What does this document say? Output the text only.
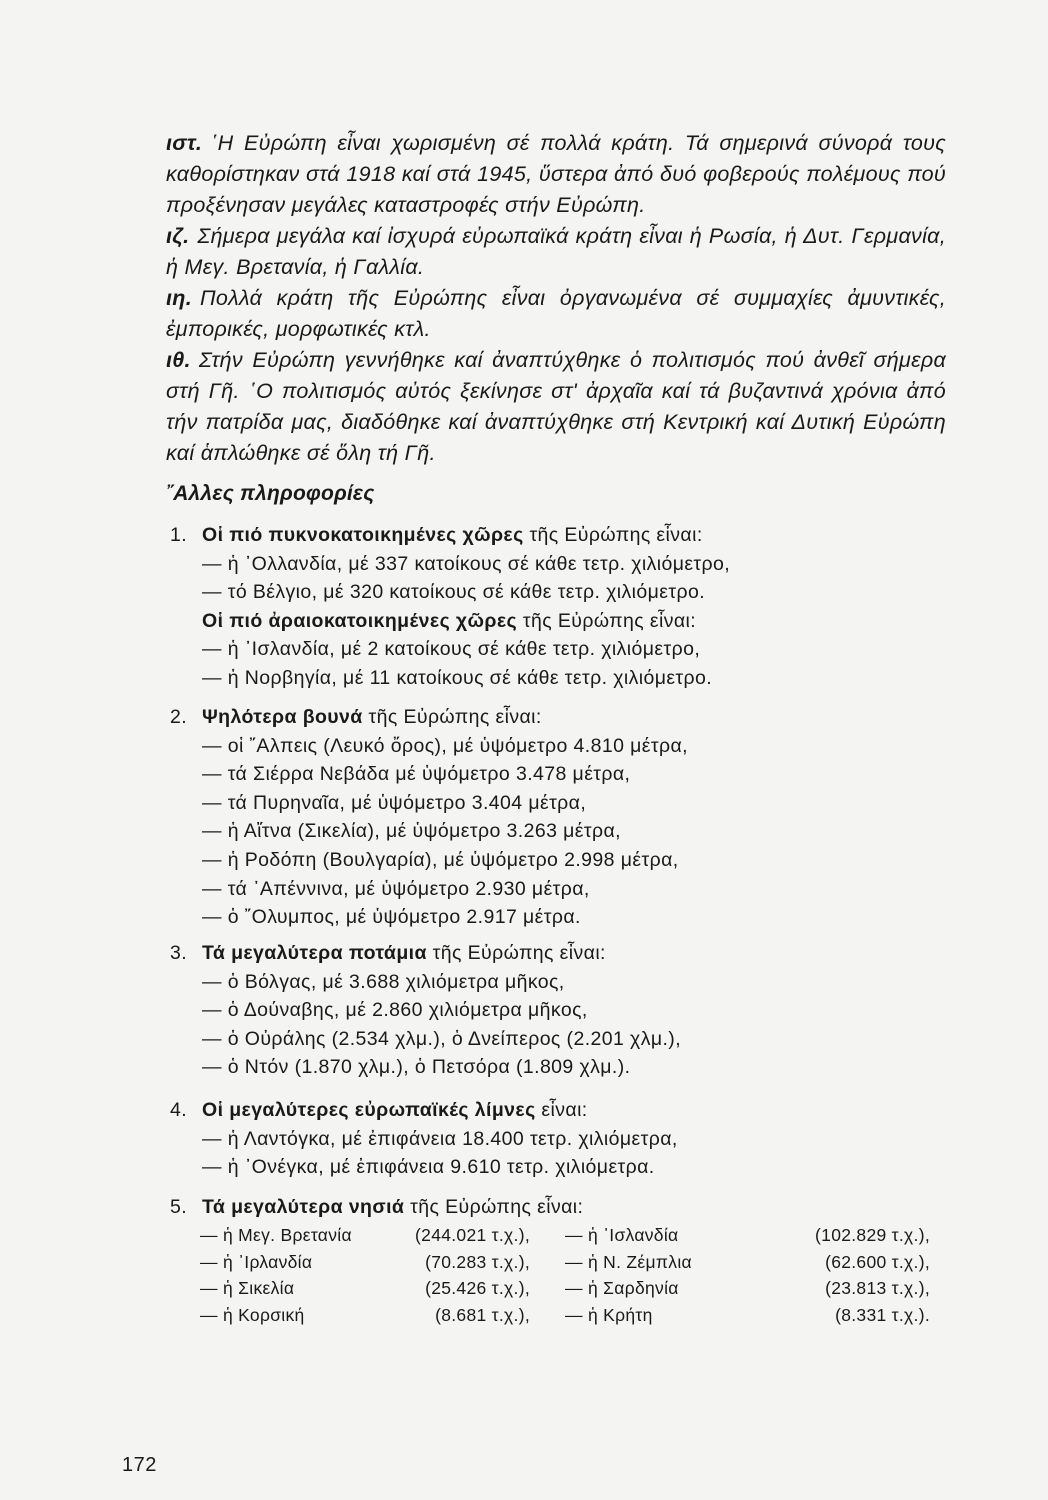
ιστ. ῾Η Εὐρώπη εἶναι χωρισμένη σέ πολλά κράτη. Τά σημερινά σύνορά τους καθορίστηκαν στά 1918 καί στά 1945, ὕστερα ἀπό δυό φοβερούς πολέμους πού προξένησαν μεγάλες καταστροφές στήν Εὐρώπη.

ιζ. Σήμερα μεγάλα καί ἰσχυρά εὐρωπαϊκά κράτη εἶναι ἡ Ρωσία, ἡ Δυτ. Γερμανία, ἡ Μεγ. Βρετανία, ἡ Γαλλία.

ιη. Πολλά κράτη τῆς Εὐρώπης εἶναι ὀργανωμένα σέ συμμαχίες ἀμυντικές, ἐμπορικές, μορφωτικές κτλ.

ιθ. Στήν Εὐρώπη γεννήθηκε καί ἀναπτύχθηκε ὁ πολιτισμός πού ἀνθεῖ σήμερα στή Γῆ. ῾Ο πολιτισμός αὐτός ξεκίνησε στ' ἀρχαῖα καί τά βυζαντινά χρόνια ἀπό τήν πατρίδα μας, διαδόθηκε καί ἀναπτύχθηκε στή Κεντρική καί Δυτική Εὐρώπη καί ἁπλώθηκε σέ ὅλη τή Γῆ.

῎Αλλες πληροφορίες
1. Οἱ πιό πυκνοκατοικημένες χῶρες τῆς Εὐρώπης εἶναι:
— ἡ ᾿Ολλανδία, μέ 337 κατοίκους σέ κάθε τετρ. χιλιόμετρο,
— τό Βέλγιο, μέ 320 κατοίκους σέ κάθε τετρ. χιλιόμετρο.
Οἱ πιό ἀραιοκατοικημένες χῶρες τῆς Εὐρώπης εἶναι:
— ἡ ᾿Ισλανδία, μέ 2 κατοίκους σέ κάθε τετρ. χιλιόμετρο,
— ἡ Νορβηγία, μέ 11 κατοίκους σέ κάθε τετρ. χιλιόμετρο.
2. Ψηλότερα βουνά τῆς Εὐρώπης εἶναι:
— οἱ ῎Αλπεις (Λευκό ὄρος), μέ ὑψόμετρο 4.810 μέτρα,
— τά Σιέρρα Νεβάδα μέ ὑψόμετρο 3.478 μέτρα,
— τά Πυρηναῖα, μέ ὑψόμετρο 3.404 μέτρα,
— ἡ Αἴτνα (Σικελία), μέ ὑψόμετρο 3.263 μέτρα,
— ἡ Ροδόπη (Βουλγαρία), μέ ὑψόμετρο 2.998 μέτρα,
— τά ᾿Απέννινα, μέ ὑψόμετρο 2.930 μέτρα,
— ὁ ῎Ολυμπος, μέ ὑψόμετρο 2.917 μέτρα.
3. Τά μεγαλύτερα ποτάμια τῆς Εὐρώπης εἶναι:
— ὁ Βόλγας, μέ 3.688 χιλιόμετρα μῆκος,
— ὁ Δούναβης, μέ 2.860 χιλιόμετρα μῆκος,
— ὁ Οὐράλης (2.534 χλμ.), ὁ Δνείπερος (2.201 χλμ.),
— ὁ Ντόν (1.870 χλμ.), ὁ Πετσόρα (1.809 χλμ.).
4. Οἱ μεγαλύτερες εὐρωπαϊκές λίμνες εἶναι:
— ἡ Λαντόγκα, μέ ἐπιφάνεια 18.400 τετρ. χιλιόμετρα,
— ἡ ᾿Ονέγκα, μέ ἐπιφάνεια 9.610 τετρ. χιλιόμετρα.
5. Τά μεγαλύτερα νησιά τῆς Εὐρώπης εἶναι:
— ἡ Μεγ. Βρετανία	(244.021 τ.χ.), — ἡ ᾿Ισλανδία	(102.829 τ.χ.),
— ἡ ᾿Ιρλανδία	(70.283 τ.χ.), — ἡ Ν. Ζέμπλια	(62.600 τ.χ.),
— ἡ Σικελία	(25.426 τ.χ.), — ἡ Σαρδηνία	(23.813 τ.χ.),
— ἡ Κορσική	(8.681 τ.χ.), — ἡ Κρήτη	(8.331 τ.χ.).
172
